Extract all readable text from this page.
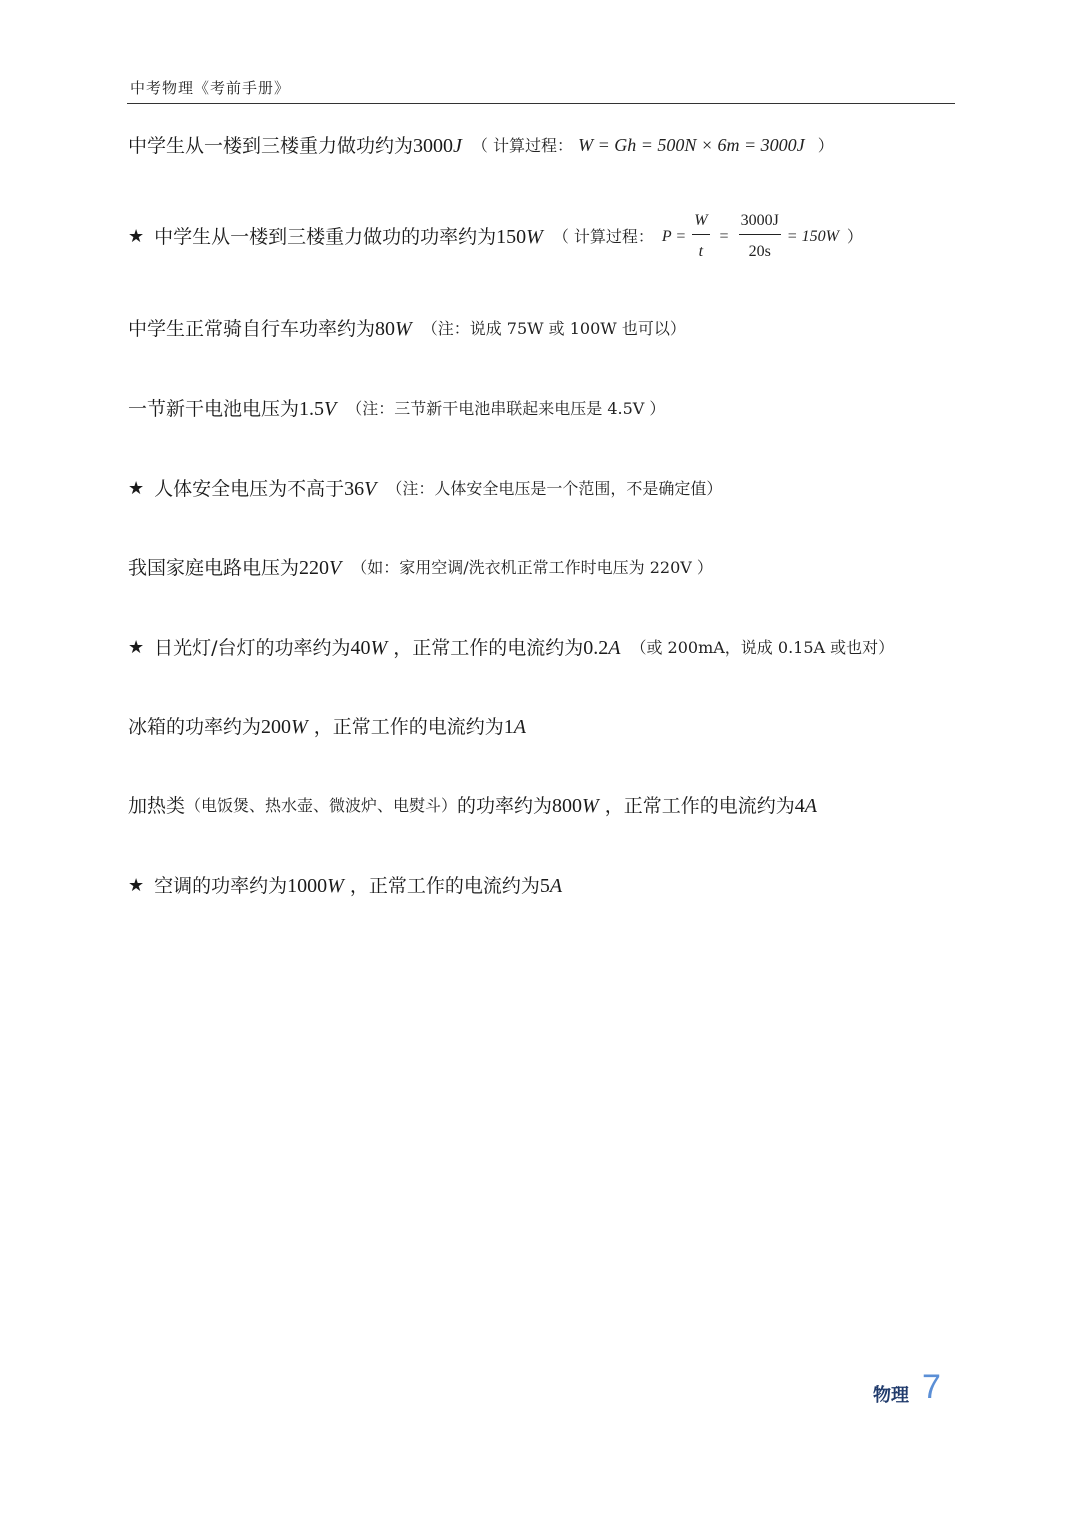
中考物理《考前手册》
中学生从一楼到三楼重力做功约为 3000J （ 计算过程： W = Gh = 500N × 6m = 3000J ）
★ 中学生从一楼到三楼重力做功的功率约为 150W （ 计算过程： $P = \frac{W}{t} = \frac{3000J}{20s} = 150W$ ）
中学生正常骑自行车功率约为 80W （注：说成 75W 或 100W 也可以）
一节新干电池电压为 1.5V （注：三节新干电池串联起来电压是 4.5V ）
★ 人体安全电压为不高于 36V （注：人体安全电压是一个范围，不是确定值）
我国家庭电路电压为 220V （如：家用空调/洗衣机正常工作时电压为 220V ）
★ 日光灯/台灯的功率约为 40W ，正常工作的电流约为 0.2A （或 200mA，说成 0.15A 或也对）
冰箱的功率约为 200W ，正常工作的电流约为 1A
加热类 （电饭煲、热水壶、微波炉、电熨斗） 的功率约为 800W ，正常工作的电流约为 4A
★ 空调的功率约为 1000W ，正常工作的电流约为 5A
物理 7
